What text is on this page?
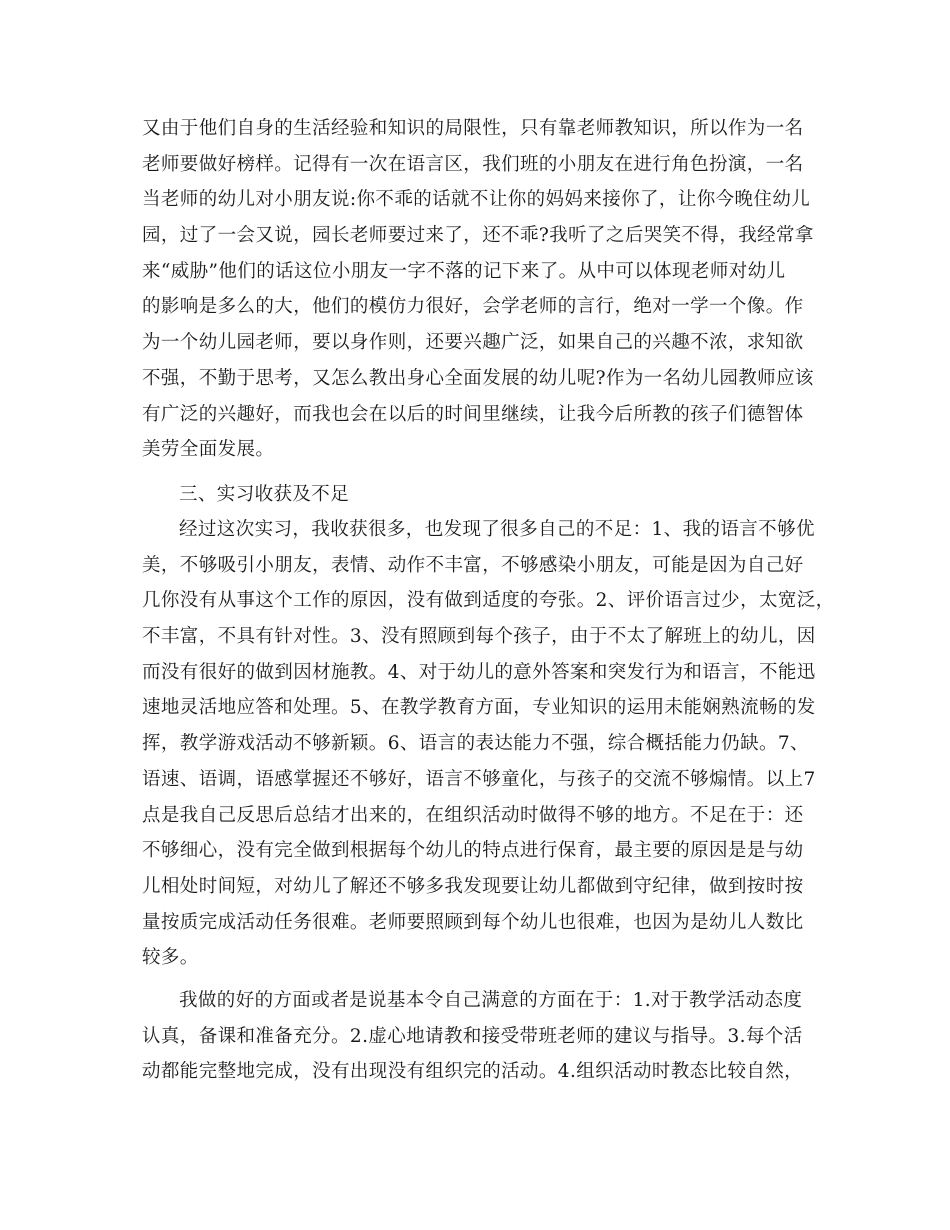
又由于他们自身的生活经验和知识的局限性，只有靠老师教知识，所以作为一名
老师要做好榜样。记得有一次在语言区，我们班的小朋友在进行角色扮演，一名
当老师的幼儿对小朋友说:你不乖的话就不让你的妈妈来接你了，让你今晚住幼儿
园，过了一会又说，园长老师要过来了，还不乖?我听了之后哭笑不得，我经常拿
来“威胁”他们的话这位小朋友一字不落的记下来了。从中可以体现老师对幼儿
的影响是多么的大，他们的模仿力很好，会学老师的言行，绝对一学一个像。作
为一个幼儿园老师，要以身作则，还要兴趣广泛，如果自己的兴趣不浓，求知欲
不强，不勤于思考，又怎么教出身心全面发展的幼儿呢?作为一名幼儿园教师应该
有广泛的兴趣好，而我也会在以后的时间里继续，让我今后所教的孩子们德智体
美劳全面发展。
三、实习收获及不足
经过这次实习，我收获很多，也发现了很多自己的不足：1、我的语言不够优
美，不够吸引小朋友，表情、动作不丰富，不够感染小朋友，可能是因为自己好
几你没有从事这个工作的原因，没有做到适度的夸张。2、评价语言过少，太宽泛，
不丰富，不具有针对性。3、没有照顾到每个孩子，由于不太了解班上的幼儿，因
而没有很好的做到因材施教。4、对于幼儿的意外答案和突发行为和语言，不能迅
速地灵活地应答和处理。5、在教学教育方面，专业知识的运用未能娴熟流畅的发
挥，教学游戏活动不够新颖。6、语言的表达能力不强，综合概括能力仍缺。7、
语速、语调，语感掌握还不够好，语言不够童化，与孩子的交流不够煽情。以上7
点是我自己反思后总结才出来的，在组织活动时做得不够的地方。不足在于：还
不够细心，没有完全做到根据每个幼儿的特点进行保育，最主要的原因是是与幼
儿相处时间短，对幼儿了解还不够多我发现要让幼儿都做到守纪律，做到按时按
量按质完成活动任务很难。老师要照顾到每个幼儿也很难，也因为是幼儿人数比
较多。
我做的好的方面或者是说基本令自己满意的方面在于：1.对于教学活动态度
认真，备课和准备充分。2.虚心地请教和接受带班老师的建议与指导。3.每个活
动都能完整地完成，没有出现没有组织完的活动。4.组织活动时教态比较自然，
